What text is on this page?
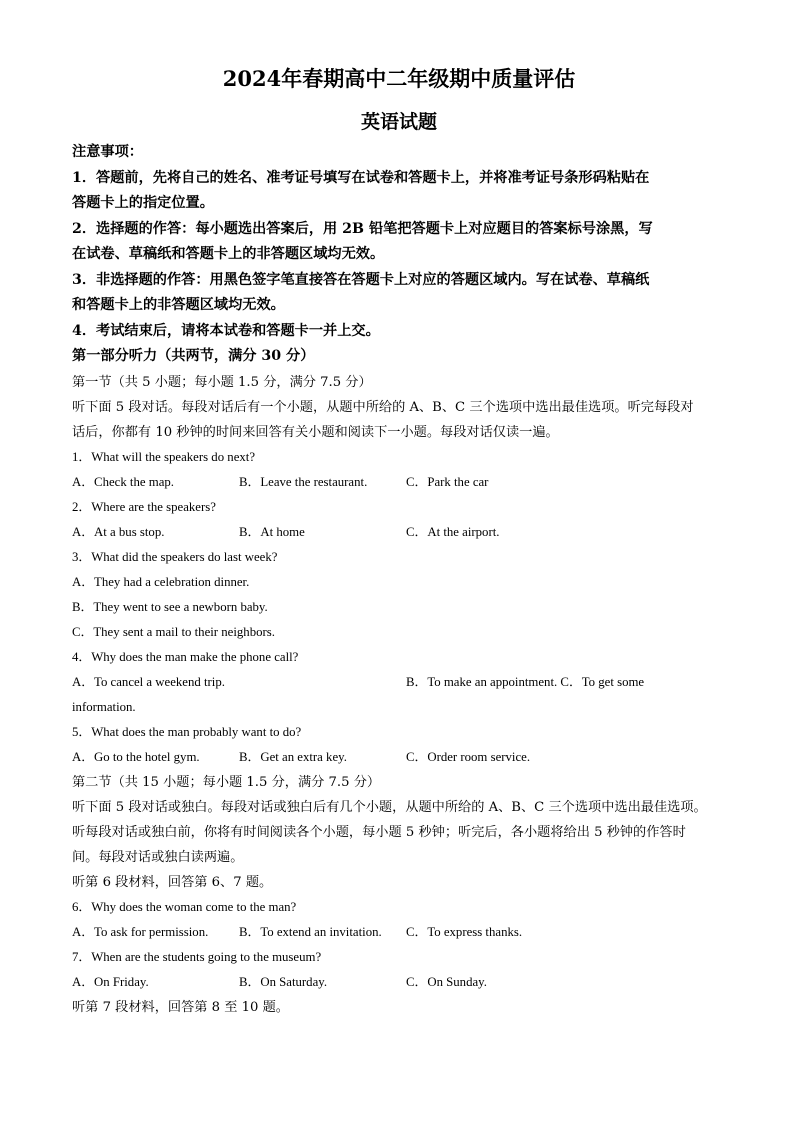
2024年春期高中二年级期中质量评估
英语试题

注意事项：

1．答题前，先将自己的姓名、准考证号填写在试卷和答题卡上，并将准考证号条形码粘贴在

答题卡上的指定位置。

2．选择题的作答：每小题选出答案后，用 2B 铅笔把答题卡上对应题目的答案标号涂黑，写

在试卷、草稿纸和答题卡上的非答题区域均无效。

3．非选择题的作答：用黑色签字笔直接答在答题卡上对应的答题区域内。写在试卷、草稿纸

和答题卡上的非答题区域均无效。

4．考试结束后，请将本试卷和答题卡一并上交。

第一部分听力（共两节，满分 30 分）

第一节（共 5 小题；每小题 1.5 分，满分 7.5 分）

听下面 5 段对话。每段对话后有一个小题，从题中所给的 A、B、C 三个选项中选出最佳选项。听完每段对

话后，你都有 10 秒钟的时间来回答有关小题和阅读下一小题。每段对话仅读一遍。

1．What will the speakers do next?

A．Check the map.	B．Leave the restaurant.	C．Park the car

2．Where are the speakers?

A．At a bus stop.	B．At home	C．At the airport.

3．What did the speakers do last week?

A．They had a celebration dinner.

B．They went to see a newborn baby.

C．They sent a mail to their neighbors.

4．Why does the man make the phone call?

A．To cancel a weekend trip.	B．To make an appointment. C．To get some

information.

5．What does the man probably want to do?

A．Go to the hotel gym.	B．Get an extra key.	C．Order room service.

第二节（共 15 小题；每小题 1.5 分，满分 7.5 分）

听下面 5 段对话或独白。每段对话或独白后有几个小题，从题中所给的 A、B、C 三个选项中选出最佳选项。

听每段对话或独白前，你将有时间阅读各个小题，每小题 5 秒钟；听完后，各小题将给出 5 秒钟的作答时

间。每段对话或独白读两遍。

听第 6 段材料，回答第 6、7 题。

6．Why does the woman come to the man?

A．To ask for permission.	B．To extend an invitation.	C．To express thanks.

7．When are the students going to the museum?

A．On Friday.	B．On Saturday.	C．On Sunday.

听第 7 段材料，回答第 8 至 10 题。
